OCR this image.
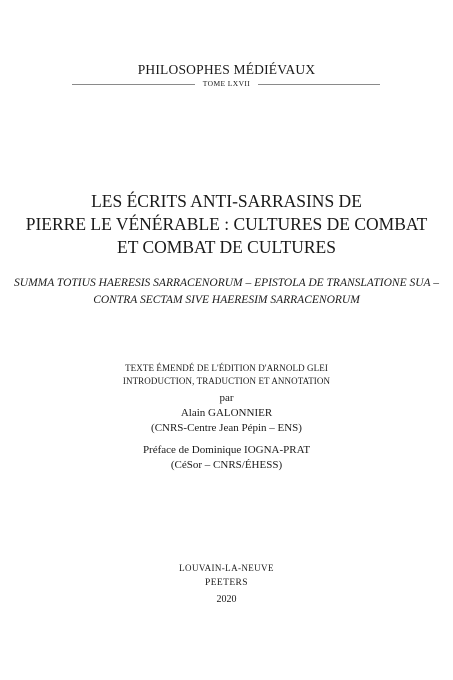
PHILOSOPHES MÉDIÉVAUX
TOME LXVII
LES ÉCRITS ANTI-SARRASINS DE
PIERRE LE VÉNÉRABLE : CULTURES DE COMBAT
ET COMBAT DE CULTURES
SUMMA TOTIUS HAERESIS SARRACENORUM – EPISTOLA DE TRANSLATIONE SUA –
CONTRA SECTAM SIVE HAERESIM SARRACENORUM
TEXTE ÉMENDÉ DE L'ÉDITION D'ARNOLD GLEI
INTRODUCTION, TRADUCTION ET ANNOTATION
par
Alain GALONNIER
(CNRS-Centre Jean Pépin – ENS)
Préface de Dominique IOGNA-PRAT
(CéSor – CNRS/ÉHESS)
LOUVAIN-LA-NEUVE
PEETERS
2020
